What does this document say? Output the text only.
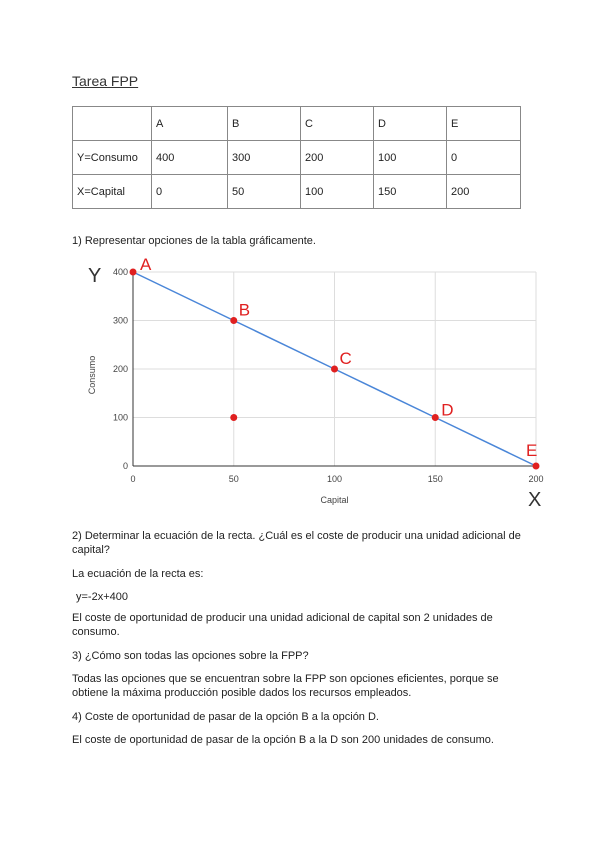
Tarea FPP
	A	B	C	D	E
Y=Consumo	400	300	200	100	0
X=Capital	0	50	100	150	200

1) Representar opciones de la tabla gráficamente.

0	50	100	150	200
0
100
200
300
400
Capital
Consumo
A
B
C
D
E
Y
X

2) Determinar la ecuación de la recta. ¿Cuál es el coste de producir una unidad adicional de capital?

La ecuación de la recta es:

y=-2x+400

El coste de oportunidad de producir una unidad adicional de capital son 2 unidades de consumo.

3) ¿Cómo son todas las opciones sobre la FPP?

Todas las opciones que se encuentran sobre la FPP son opciones eficientes, porque se obtiene la máxima producción posible dados los recursos empleados.

4) Coste de oportunidad de pasar de la opción B a la opción D.

El coste de oportunidad de pasar de la opción B a la D son 200 unidades de consumo.
